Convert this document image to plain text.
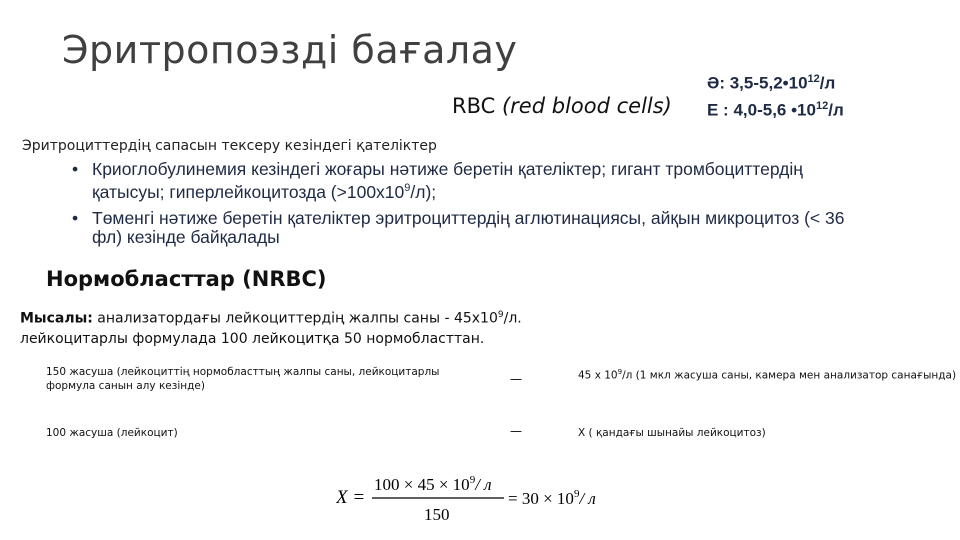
Эритропоэзді бағалау
RBC (red blood cells)
Ә: $3,5-5,2•10^{12}/л$
Е : 4,0-5,6 $•10^{12}/л$
Эритроциттердің сапасын тексеру кезіндегі қателіктер
• Криоглобулинемия кезіндегі жоғары нәтиже беретін қателіктер; гигант тромбоциттердің қатысуы; гиперлейкоцитозда $(>100х10^9/л)$;
• Төменгі нәтиже беретін қателіктер эритроциттердің аглютинациясы, айқын микроцитоз (< 36 фл) кезінде байқалады
Нормобласттар (NRBC)
Мысалы: анализатордағы лейкоциттердің жалпы саны - $45х10^9/л$.
лейкоцитарлы формулада 100 лейкоцитқа 50 нормобласттан.
150 жасуша (лейкоциттің нормобласттың жалпы саны, лейкоцитарлы формула санын алу кезінде)	—	45 х $10^9/л$ (1 мкл жасуша саны, камера мен анализатор санағында)
100 жасуша (лейкоцит)	—	Х ( қандағы шынайы лейкоцитоз)
X =
$100 \times 45 \times 10^9/$ л
150
= $30 \times 10^9/$ л
